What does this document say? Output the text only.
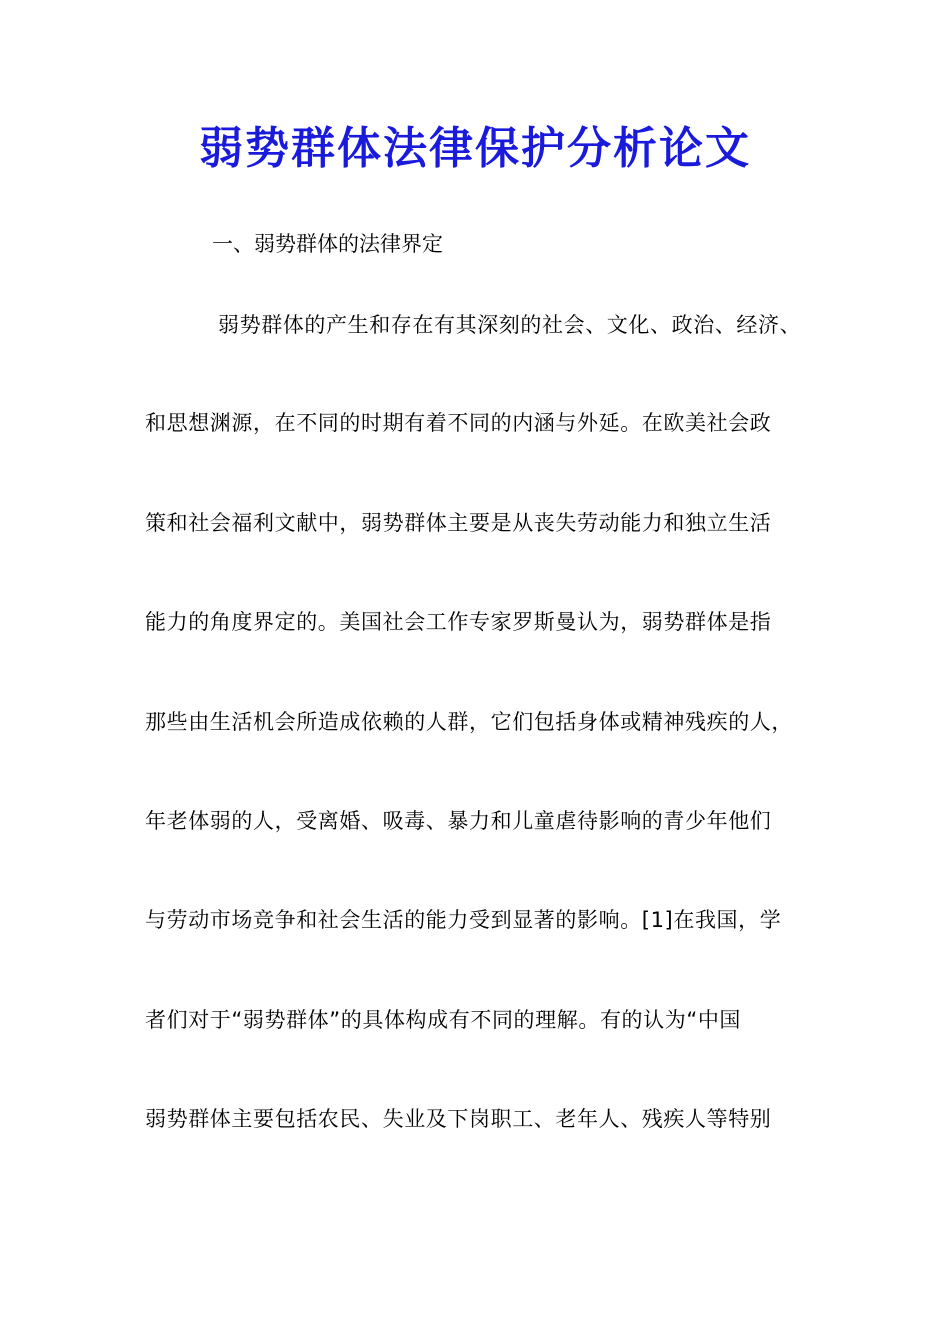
弱势群体法律保护分析论文
一、弱势群体的法律界定
弱势群体的产生和存在有其深刻的社会、文化、政治、经济、
和思想渊源，在不同的时期有着不同的内涵与外延。在欧美社会政
策和社会福利文献中，弱势群体主要是从丧失劳动能力和独立生活
能力的角度界定的。美国社会工作专家罗斯曼认为，弱势群体是指
那些由生活机会所造成依赖的人群，它们包括身体或精神残疾的人，
年老体弱的人，受离婚、吸毒、暴力和儿童虐待影响的青少年他们
与劳动市场竞争和社会生活的能力受到显著的影响。[1]在我国，学
者们对于“弱势群体”的具体构成有不同的理解。有的认为“中国
弱势群体主要包括农民、失业及下岗职工、老年人、残疾人等特别
